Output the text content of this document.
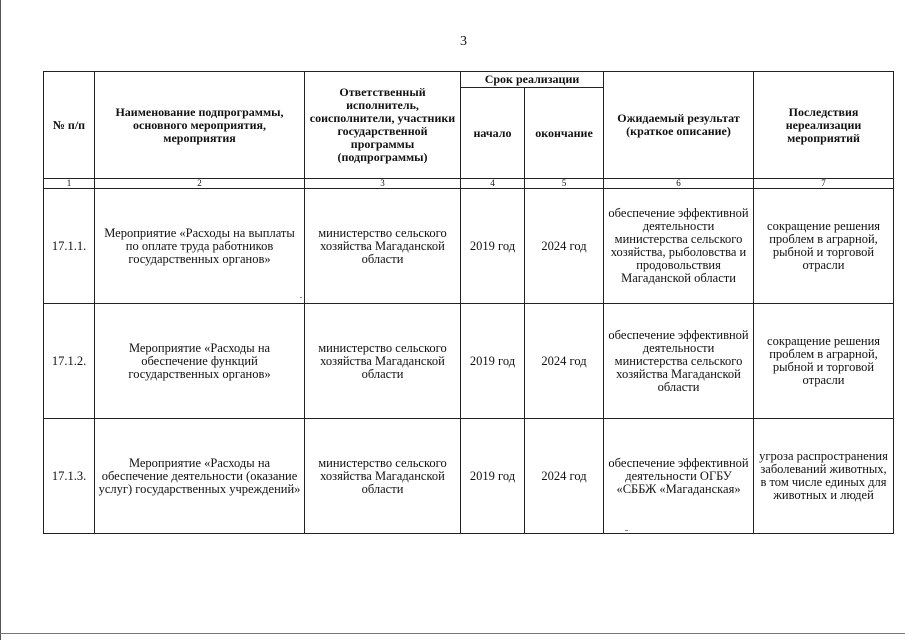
3
№ п/п	Наименование подпрограммы, основного мероприятия, мероприятия	Ответственный исполнитель, соисполнители, участники государственной программы (подпрограммы)	Срок реализации		Ожидаемый результат (краткое описание)	Последствия нереализации мероприятий
			начало	окончание		
1	2	3	4	5	6	7
17.1.1.	Мероприятие «Расходы на выплаты по оплате труда работников государственных органов»	министерство сельского хозяйства Магаданской области	2019 год	2024 год	обеспечение эффективной деятельности министерства сельского хозяйства, рыболовства и продовольствия Магаданской области	сокращение решения проблем в аграрной, рыбной и торговой отрасли
17.1.2.	Мероприятие «Расходы на обеспечение функций государственных органов»	министерство сельского хозяйства Магаданской области	2019 год	2024 год	обеспечение эффективной деятельности министерства сельского хозяйства Магаданской области	сокращение решения проблем в аграрной, рыбной и торговой отрасли
17.1.3.	Мероприятие «Расходы на обеспечение деятельности (оказание услуг) государственных учреждений»	министерство сельского хозяйства Магаданской области	2019 год	2024 год	обеспечение эффективной деятельности ОГБУ «СББЖ «Магаданская»	угроза распространения заболеваний животных, в том числе единых для животных и людей
